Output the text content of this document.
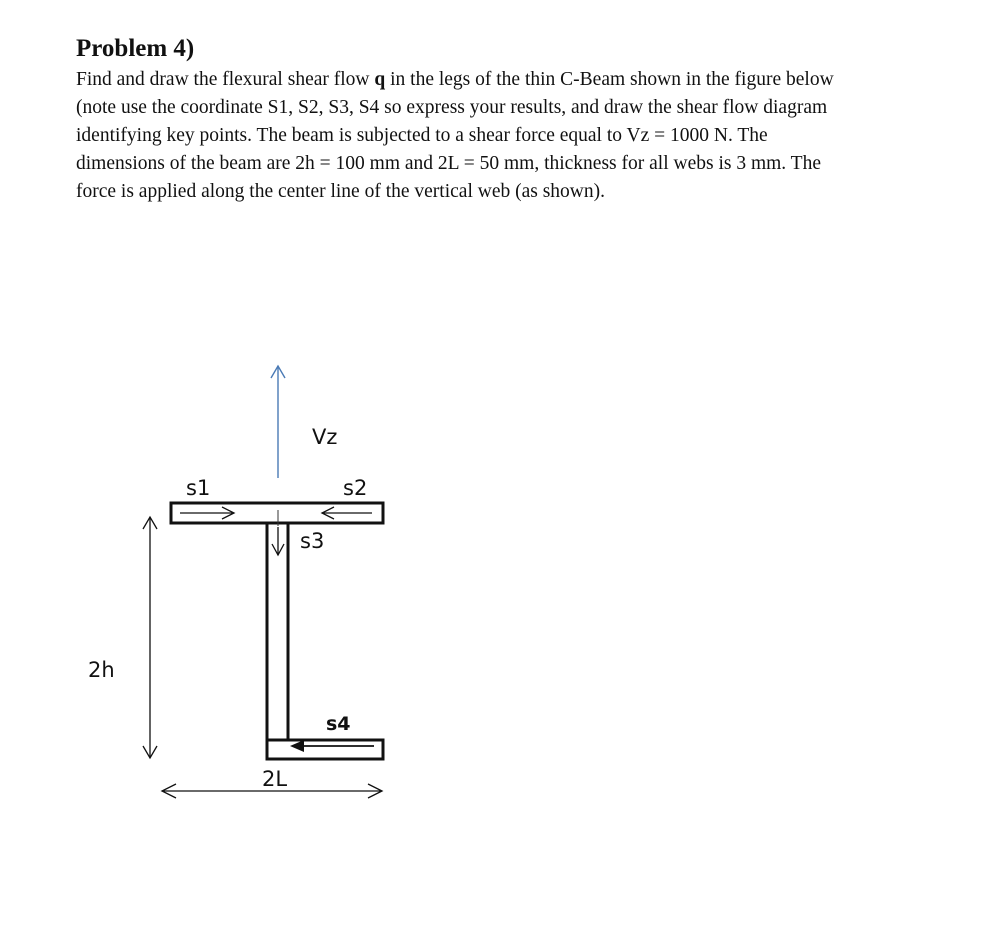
Problem 4)
Find and draw the flexural shear flow q in the legs of the thin C-Beam shown in the figure below
(note use the coordinate S1, S2, S3, S4 so express your results, and draw the shear flow diagram
identifying key points. The beam is subjected to a shear force equal to Vz = 1000 N. The
dimensions of the beam are 2h = 100 mm and 2L = 50 mm, thickness for all webs is 3 mm. The
force is applied along the center line of the vertical web (as shown).
Vz
s1	s2
s3
s4
2h
2L
